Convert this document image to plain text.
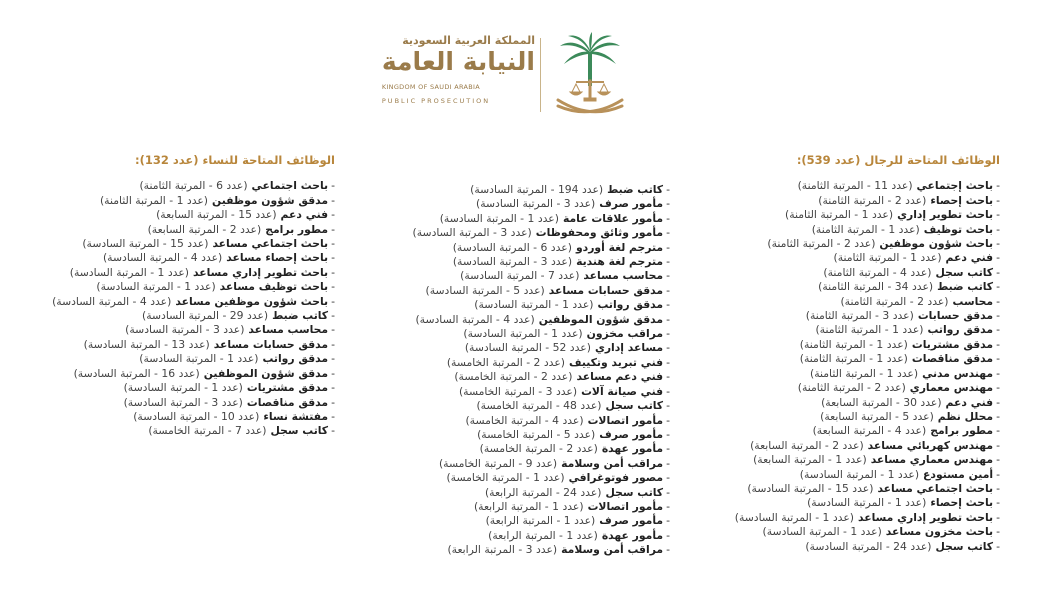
المملكة العربية السعودية
النيابة العامة
KINGDOM OF SAUDI ARABIA
PUBLIC PROSECUTION
الوظائف المتاحة للرجال (عدد 539):
-باحث إجتماعي(عدد 11 - المرتبة الثامنة)
-باحث إحصاء(عدد 2 - المرتبة الثامنة)
-باحث تطوير إداري(عدد 1 - المرتبة الثامنة)
-باحث توظيف(عدد 1 - المرتبة الثامنة)
-باحث شؤون موظفين(عدد 2 - المرتبة الثامنة)
-فني دعم(عدد 1 - المرتبة الثامنة)
-كاتب سجل(عدد 4 - المرتبة الثامنة)
-كاتب ضبط(عدد 34 - المرتبة الثامنة)
-محاسب(عدد 2 - المرتبة الثامنة)
-مدقق حسابات(عدد 3 - المرتبة الثامنة)
-مدقق رواتب(عدد 1 - المرتبة الثامنة)
-مدقق مشتريات(عدد 1 - المرتبة الثامنة)
-مدقق مناقصات(عدد 1 - المرتبة الثامنة)
-مهندس مدني(عدد 1 - المرتبة الثامنة)
-مهندس معماري(عدد 2 - المرتبة الثامنة)
-فني دعم(عدد 30 - المرتبة السابعة)
-محلل نظم(عدد 5 - المرتبة السابعة)
-مطور برامج(عدد 4 - المرتبة السابعة)
-مهندس كهربائي مساعد(عدد 2 - المرتبة السابعة)
-مهندس معماري مساعد(عدد 1 - المرتبة السابعة)
-أمين مستودع(عدد 1 - المرتبة السادسة)
-باحث اجتماعي مساعد(عدد 15 - المرتبة السادسة)
-باحث إحصاء(عدد 1 - المرتبة السادسة)
-باحث تطوير إداري مساعد(عدد 1 - المرتبة السادسة)
-باحث مخزون مساعد(عدد 1 - المرتبة السادسة)
-كاتب سجل(عدد 24 - المرتبة السادسة)
-كاتب ضبط(عدد 194 - المرتبة السادسة)
-مأمور صرف(عدد 3 - المرتبة السادسة)
-مأمور علاقات عامة(عدد 1 - المرتبة السادسة)
-مأمور وثائق ومحفوظات(عدد 3 - المرتبة السادسة)
-مترجم لغة أوردو(عدد 6 - المرتبة السادسة)
-مترجم لغة هندية(عدد 3 - المرتبة السادسة)
-محاسب مساعد(عدد 7 - المرتبة السادسة)
-مدقق حسابات مساعد(عدد 5 - المرتبة السادسة)
-مدقق رواتب(عدد 1 - المرتبة السادسة)
-مدقق شؤون الموظفين(عدد 4 - المرتبة السادسة)
-مراقب مخزون(عدد 1 - المرتبة السادسة)
-مساعد إداري(عدد 52 - المرتبة السادسة)
-فني تبريد وتكييف(عدد 2 - المرتبة الخامسة)
-فني دعم مساعد(عدد 2 - المرتبة الخامسة)
-فني صيانة آلات(عدد 3 - المرتبة الخامسة)
-كاتب سجل(عدد 48 - المرتبة الخامسة)
-مأمور اتصالات(عدد 4 - المرتبة الخامسة)
-مأمور صرف(عدد 5 - المرتبة الخامسة)
-مأمور عهدة(عدد 2 - المرتبة الخامسة)
-مراقب أمن وسلامة(عدد 9 - المرتبة الخامسة)
-مصور فوتوغرافي(عدد 1 - المرتبة الخامسة)
-كاتب سجل(عدد 24 - المرتبة الرابعة)
-مأمور اتصالات(عدد 1 - المرتبة الرابعة)
-مأمور صرف(عدد 1 - المرتبة الرابعة)
-مأمور عهدة(عدد 1 - المرتبة الرابعة)
-مراقب أمن وسلامة(عدد 3 - المرتبة الرابعة)
الوظائف المتاحة للنساء (عدد 132):
-باحث اجتماعي(عدد 6 - المرتبة الثامنة)
-مدقق شؤون موظفين(عدد 1 - المرتبة الثامنة)
-فني دعم(عدد 15 - المرتبة السابعة)
-مطور برامج(عدد 2 - المرتبة السابعة)
-باحث اجتماعي مساعد(عدد 15 - المرتبة السادسة)
-باحث إحصاء مساعد(عدد 4 - المرتبة السادسة)
-باحث تطوير إداري مساعد(عدد 1 - المرتبة السادسة)
-باحث توظيف مساعد(عدد 1 - المرتبة السادسة)
-باحث شؤون موظفين مساعد(عدد 4 - المرتبة السادسة)
-كاتب ضبط(عدد 29 - المرتبة السادسة)
-محاسب مساعد(عدد 3 - المرتبة السادسة)
-مدقق حسابات مساعد(عدد 13 - المرتبة السادسة)
-مدقق رواتب(عدد 1 - المرتبة السادسة)
-مدقق شؤون الموظفين(عدد 16 - المرتبة السادسة)
-مدقق مشتريات(عدد 1 - المرتبة السادسة)
-مدقق مناقصات(عدد 3 - المرتبة السادسة)
-مفتشة نساء(عدد 10 - المرتبة السادسة)
-كاتب سجل(عدد 7 - المرتبة الخامسة)
